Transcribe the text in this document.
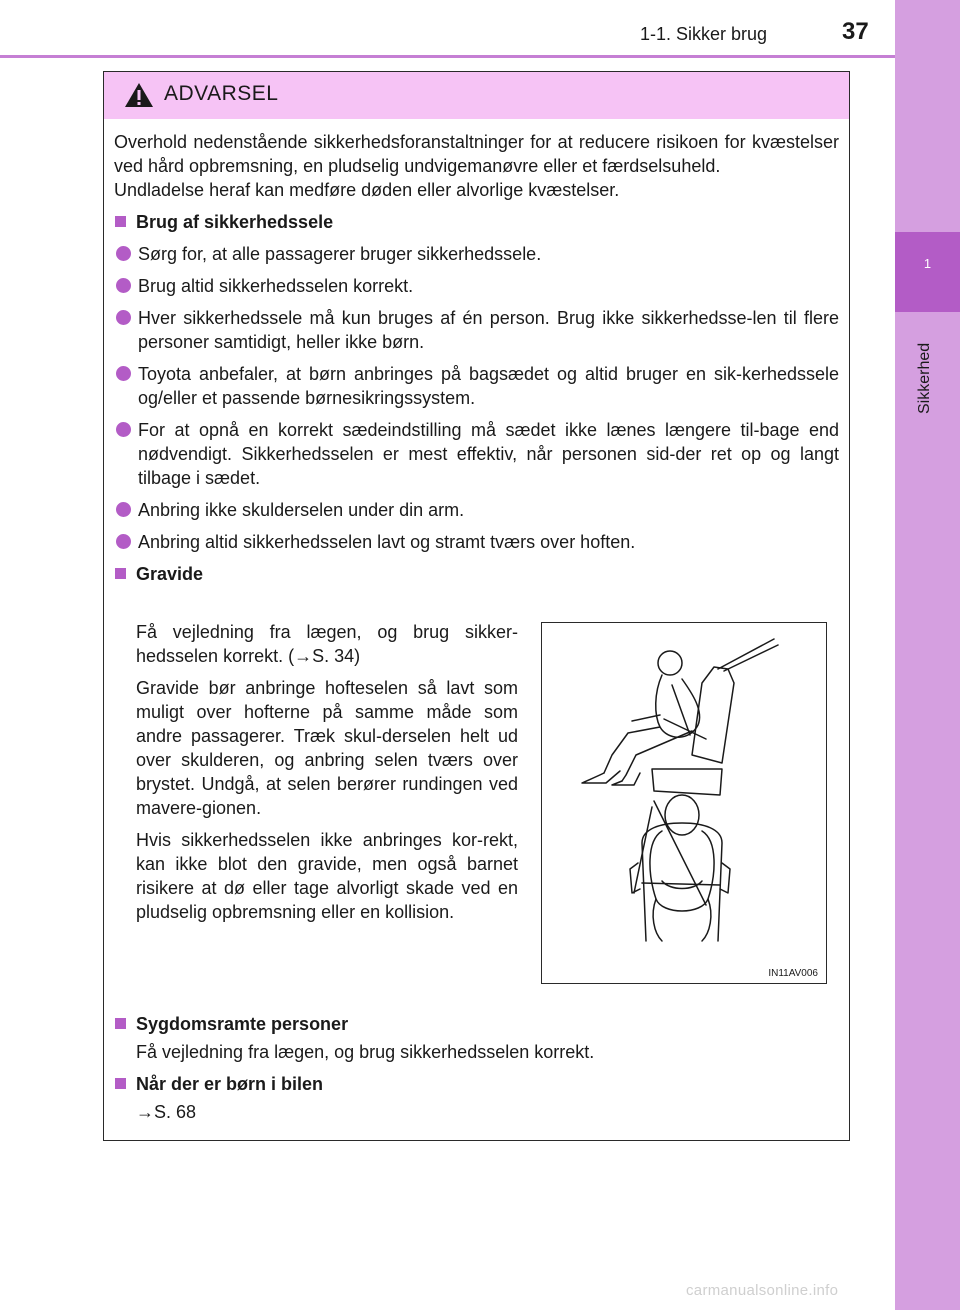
1
Sikkerhed
1-1. Sikker brug	37
ADVARSEL

Overhold nedenstående sikkerhedsforanstaltninger for at reducere risikoen for kvæstelser ved hård opbremsning, en pludselig undvigemanøvre eller et færdselsuheld.

Undladelse heraf kan medføre døden eller alvorlige kvæstelser.

Brug af sikkerhedssele

Sørg for, at alle passagerer bruger sikkerhedssele.

Brug altid sikkerhedsselen korrekt.

Hver sikkerhedssele må kun bruges af én person. Brug ikke sikkerhedsse-len til flere personer samtidigt, heller ikke børn.

Toyota anbefaler, at børn anbringes på bagsædet og altid bruger en sik-kerhedssele og/eller et passende børnesikringssystem.

For at opnå en korrekt sædeindstilling må sædet ikke lænes længere til-bage end nødvendigt. Sikkerhedsselen er mest effektiv, når personen sid-der ret op og langt tilbage i sædet.

Anbring ikke skulderselen under din arm.

Anbring altid sikkerhedsselen lavt og stramt tværs over hoften.

Gravide

Få vejledning fra lægen, og brug sikker-hedsselen korrekt. (→S. 34)

Gravide bør anbringe hofteselen så lavt som muligt over hofterne på samme måde som andre passagerer. Træk skul-derselen helt ud over skulderen, og anbring selen tværs over brystet. Undgå, at selen berører rundingen ved mavere-gionen.

Hvis sikkerhedsselen ikke anbringes kor-rekt, kan ikke blot den gravide, men også barnet risikere at dø eller tage alvorligt skade ved en pludselig opbremsning eller en kollision.

IN11AV006

Sygdomsramte personer

Få vejledning fra lægen, og brug sikkerhedsselen korrekt.

Når der er børn i bilen

→S. 68

carmanualsonline.info
